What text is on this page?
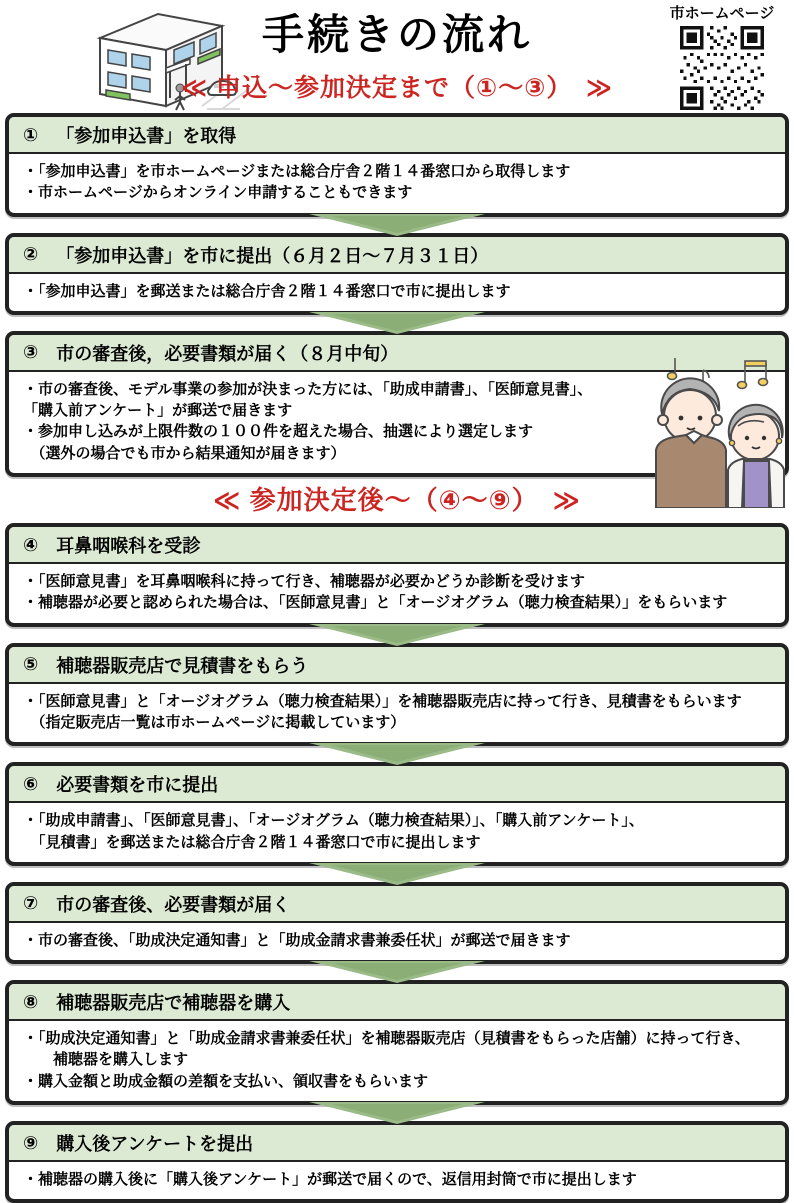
手続きの流れ
≪ 申込～参加決定まで（①～③）　≫
市ホームページ
① 「参加申込書」を取得
・「参加申込書」を市ホームページまたは総合庁舎２階１４番窓口から取得します
・市ホームページからオンライン申請することもできます
② 「参加申込書」を市に提出（６月２日～７月３１日）
・「参加申込書」を郵送または総合庁舎２階１４番窓口で市に提出します
③ 市の審査後，必要書類が届く（８月中旬）
・市の審査後、モデル事業の参加が決まった方には、「助成申請書」、「医師意見書」、
「購入前アンケート」が郵送で届きます
・参加申し込みが上限件数の１００件を超えた場合、抽選により選定します
　（選外の場合でも市から結果通知が届きます）
≪ 参加決定後～（④～⑨）　≫
④ 耳鼻咽喉科を受診
・「医師意見書」を耳鼻咽喉科に持って行き、補聴器が必要かどうか診断を受けます
・補聴器が必要と認められた場合は、「医師意見書」と「オージオグラム（聴力検査結果）」をもらいます
⑤ 補聴器販売店で見積書をもらう
・「医師意見書」と「オージオグラム（聴力検査結果）」を補聴器販売店に持って行き、見積書をもらいます
　（指定販売店一覧は市ホームページに掲載しています）
⑥ 必要書類を市に提出
・「助成申請書」、「医師意見書」、「オージオグラム（聴力検査結果）」、「購入前アンケート」、
　「見積書」を郵送または総合庁舎２階１４番窓口で市に提出します
⑦ 市の審査後、必要書類が届く
・市の審査後、「助成決定通知書」と「助成金請求書兼委任状」が郵送で届きます
⑧ 補聴器販売店で補聴器を購入
・「助成決定通知書」と「助成金請求書兼委任状」を補聴器販売店（見積書をもらった店舗）に持って行き、
　　補聴器を購入します
・購入金額と助成金額の差額を支払い、領収書をもらいます
⑨ 購入後アンケートを提出
・補聴器の購入後に「購入後アンケート」が郵送で届くので、返信用封筒で市に提出します
